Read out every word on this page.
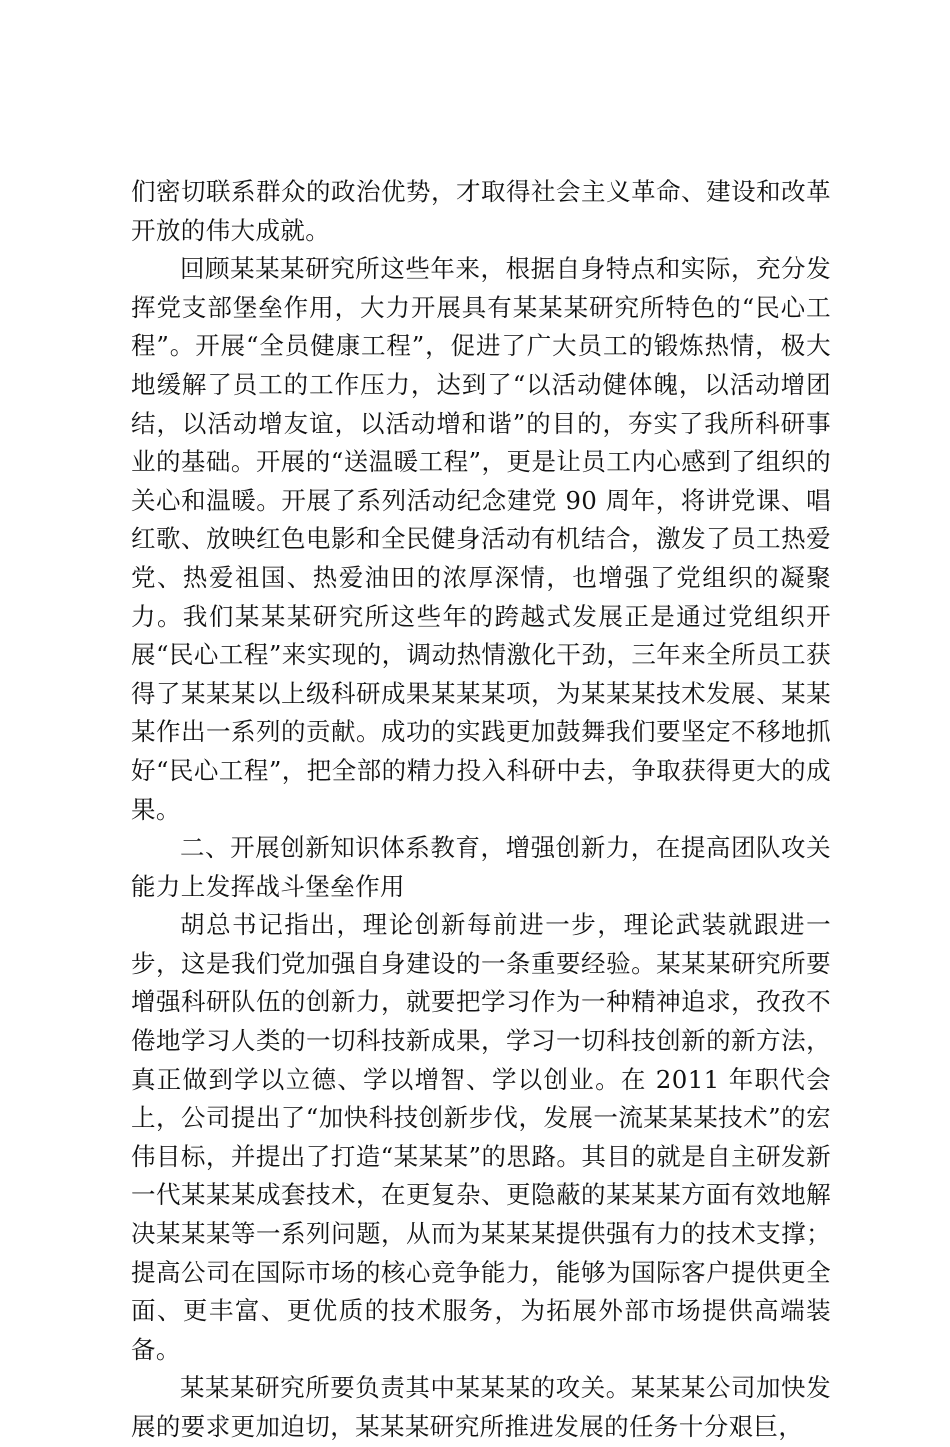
们密切联系群众的政治优势，才取得社会主义革命、建设和改革开放的伟大成就。

回顾某某某研究所这些年来，根据自身特点和实际，充分发挥党支部堡垒作用，大力开展具有某某某研究所特色的“民心工程”。开展“全员健康工程”，促进了广大员工的锻炼热情，极大地缓解了员工的工作压力，达到了“以活动健体魄，以活动增团结，以活动增友谊，以活动增和谐”的目的，夯实了我所科研事业的基础。开展的“送温暖工程”，更是让员工内心感到了组织的关心和温暖。开展了系列活动纪念建党 90 周年，将讲党课、唱红歌、放映红色电影和全民健身活动有机结合，激发了员工热爱党、热爱祖国、热爱油田的浓厚深情，也增强了党组织的凝聚力。我们某某某研究所这些年的跨越式发展正是通过党组织开展“民心工程”来实现的，调动热情激化干劲，三年来全所员工获得了某某某以上级科研成果某某某项，为某某某技术发展、某某某作出一系列的贡献。成功的实践更加鼓舞我们要坚定不移地抓好“民心工程”，把全部的精力投入科研中去，争取获得更大的成果。

二、开展创新知识体系教育，增强创新力，在提高团队攻关能力上发挥战斗堡垒作用

胡总书记指出，理论创新每前进一步，理论武装就跟进一步，这是我们党加强自身建设的一条重要经验。某某某研究所要增强科研队伍的创新力，就要把学习作为一种精神追求，孜孜不倦地学习人类的一切科技新成果，学习一切科技创新的新方法，真正做到学以立德、学以增智、学以创业。在 2011 年职代会上，公司提出了“加快科技创新步伐，发展一流某某某技术”的宏伟目标，并提出了打造“某某某”的思路。其目的就是自主研发新一代某某某成套技术，在更复杂、更隐蔽的某某某方面有效地解决某某某等一系列问题，从而为某某某提供强有力的技术支撑；提高公司在国际市场的核心竞争能力，能够为国际客户提供更全面、更丰富、更优质的技术服务，为拓展外部市场提供高端装备。

某某某研究所要负责其中某某某的攻关。某某某公司加快发展的要求更加迫切，某某某研究所推进发展的任务十分艰巨，
